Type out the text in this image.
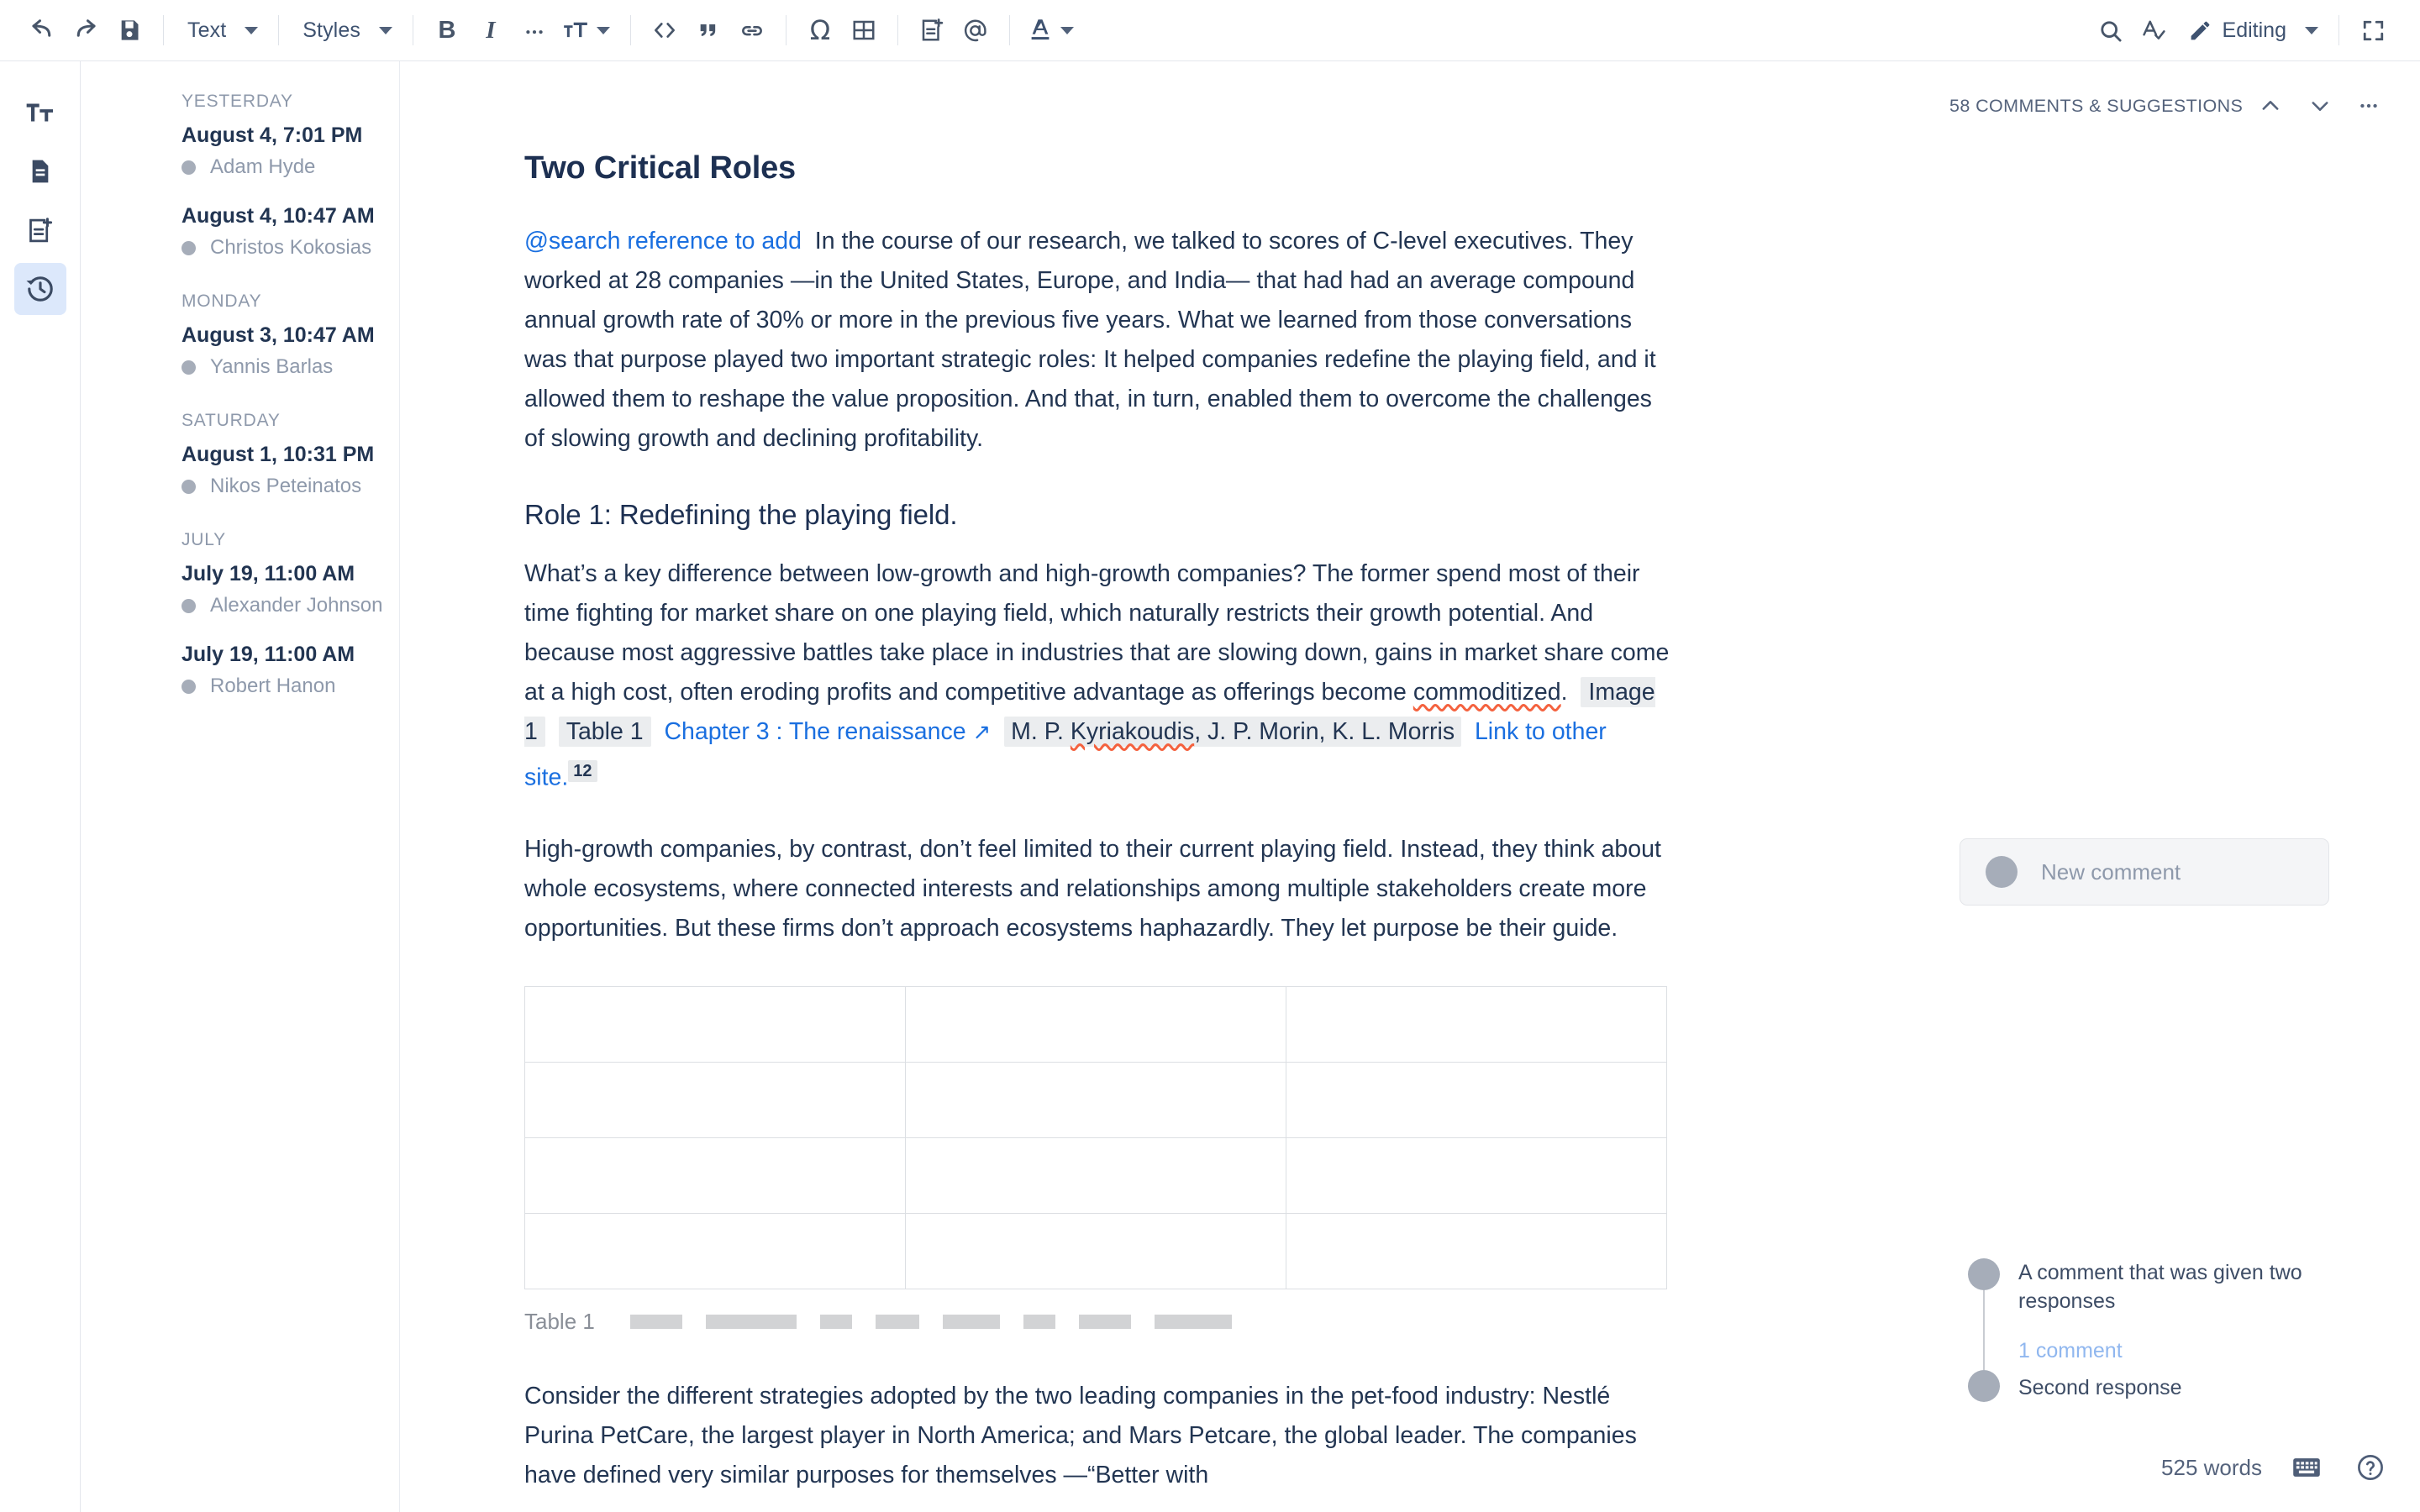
Text	Styles	B I	Ω	Editing
YESTERDAY
August 4, 7:01 PM
Adam Hyde
August 4, 10:47 AM
Christos Kokosias
MONDAY
August 3, 10:47 AM
Yannis Barlas
SATURDAY
August 1, 10:31 PM
Nikos Peteinatos
JULY
July 19, 11:00 AM
Alexander Johnson
July 19, 11:00 AM
Robert Hanon
Two Critical Roles

@search reference to add In the course of our research, we talked to scores of C-level executives. They worked at 28 companies —in the United States, Europe, and India— that had had an average compound annual growth rate of 30% or more in the previous five years. What we learned from those conversations was that purpose played two important strategic roles: It helped companies redefine the playing field, and it allowed them to reshape the value proposition. And that, in turn, enabled them to overcome the challenges of slowing growth and declining profitability.

Role 1: Redefining the playing field.

What’s a key difference between low-growth and high-growth companies? The former spend most of their time fighting for market share on one playing field, which naturally restricts their growth potential. And because most aggressive battles take place in industries that are slowing down, gains in market share come at a high cost, often eroding profits and competitive advantage as offerings become commoditized. Image 1 Table 1 Chapter 3 : The renaissance ↗ M. P. Kyriakoudis, J. P. Morin, K. L. Morris Link to other site. $^{12}$

High-growth companies, by contrast, don’t feel limited to their current playing field. Instead, they think about whole ecosystems, where connected interests and relationships among multiple stakeholders create more opportunities. But these firms don’t approach ecosystems haphazardly. They let purpose be their guide.

Table 1

Consider the different strategies adopted by the two leading companies in the pet-food industry: Nestlé Purina PetCare, the largest player in North America; and Mars Petcare, the global leader. The companies have defined very similar purposes for themselves —“Better with

58 COMMENTS & SUGGESTIONS
New comment
A comment that was given two responses
1 comment
Second response
525 words
